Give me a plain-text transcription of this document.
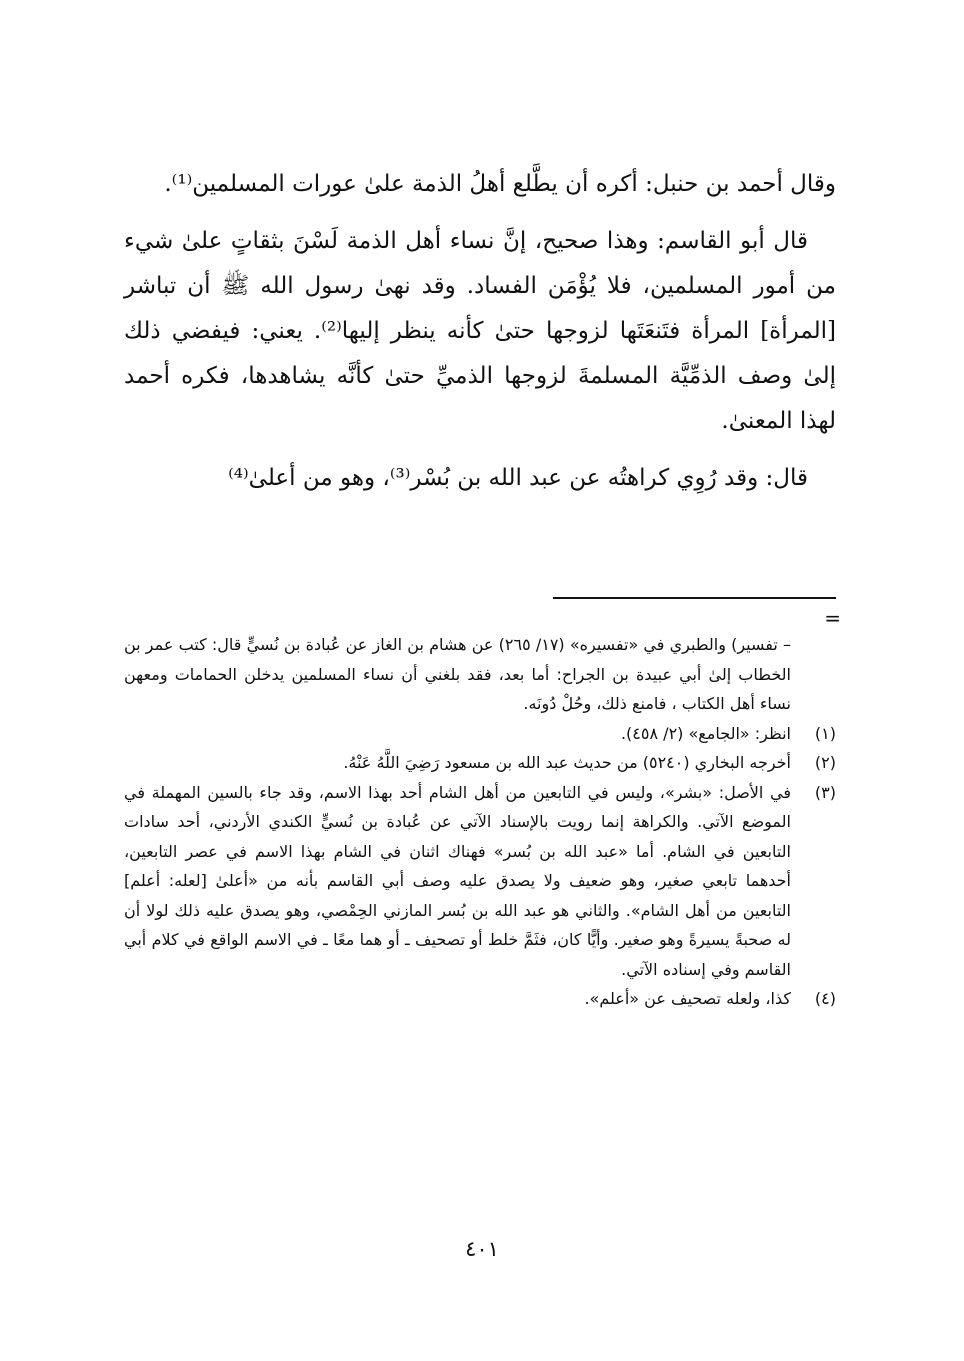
وقال أحمد بن حنبل: أكره أن يطَّلع أهلُ الذمة علىٰ عورات المسلمين⁽¹⁾.

قال أبو القاسم: وهذا صحيح، إنَّ نساء أهل الذمة لَسْنَ بثقاتٍ علىٰ شيء من أمور المسلمين، فلا يُؤْمَن الفساد. وقد نهىٰ رسول الله ﷺ أن تباشر [المرأة] المرأة فتَنعَتَها لزوجها حتىٰ كأنه ينظر إليها⁽²⁾. يعني: فيفضي ذلك إلىٰ وصف الذمِّيَّة المسلمةَ لزوجها الذميِّ حتىٰ كأنَّه يشاهدها، فكره أحمد لهذا المعنىٰ.

قال: وقد رُوِي كراهتُه عن عبد الله بن بُسْر⁽³⁾، وهو من أعلىٰ⁽⁴⁾

=

– تفسير) والطبري في «تفسيره» (١٧/ ٢٦٥) عن هشام بن الغاز عن عُبادة بن نُسيٍّ قال: كتب عمر بن الخطاب إلىٰ أبي عبيدة بن الجراح: أما بعد، فقد بلغني أن نساء المسلمين يدخلن الحمامات ومعهن نساء أهل الكتاب ، فامنع ذلك، وحُلْ دُونَه.

(١)
انظر: «الجامع» (٢/ ٤٥٨).
(٢)
أخرجه البخاري (٥٢٤٠) من حديث عبد الله بن مسعود رَضِيَ اللَّهُ عَنْهُ.
(٣)
في الأصل: «بشر»، وليس في التابعين من أهل الشام أحد بهذا الاسم، وقد جاء بالسين المهملة في الموضع الآتي. والكراهة إنما رويت بالإسناد الآتي عن عُبادة بن نُسيٍّ الكندي الأردني، أحد سادات التابعين في الشام. أما «عبد الله بن بُسر» فهناك اثنان في الشام بهذا الاسم في عصر التابعين، أحدهما تابعي صغير، وهو ضعيف ولا يصدق عليه وصف أبي القاسم بأنه من «أعلىٰ [لعله: أعلم] التابعين من أهل الشام». والثاني هو عبد الله بن بُسر المازني الحِمْصي، وهو يصدق عليه ذلك لولا أن له صحبةً يسيرةً وهو صغير. وأيًّا كان، فثَمَّ خلط أو تصحيف ـ أو هما معًا ـ في الاسم الواقع في كلام أبي القاسم وفي إسناده الآتي.
(٤)
كذا، ولعله تصحيف عن «أعلم».
٤٠١
